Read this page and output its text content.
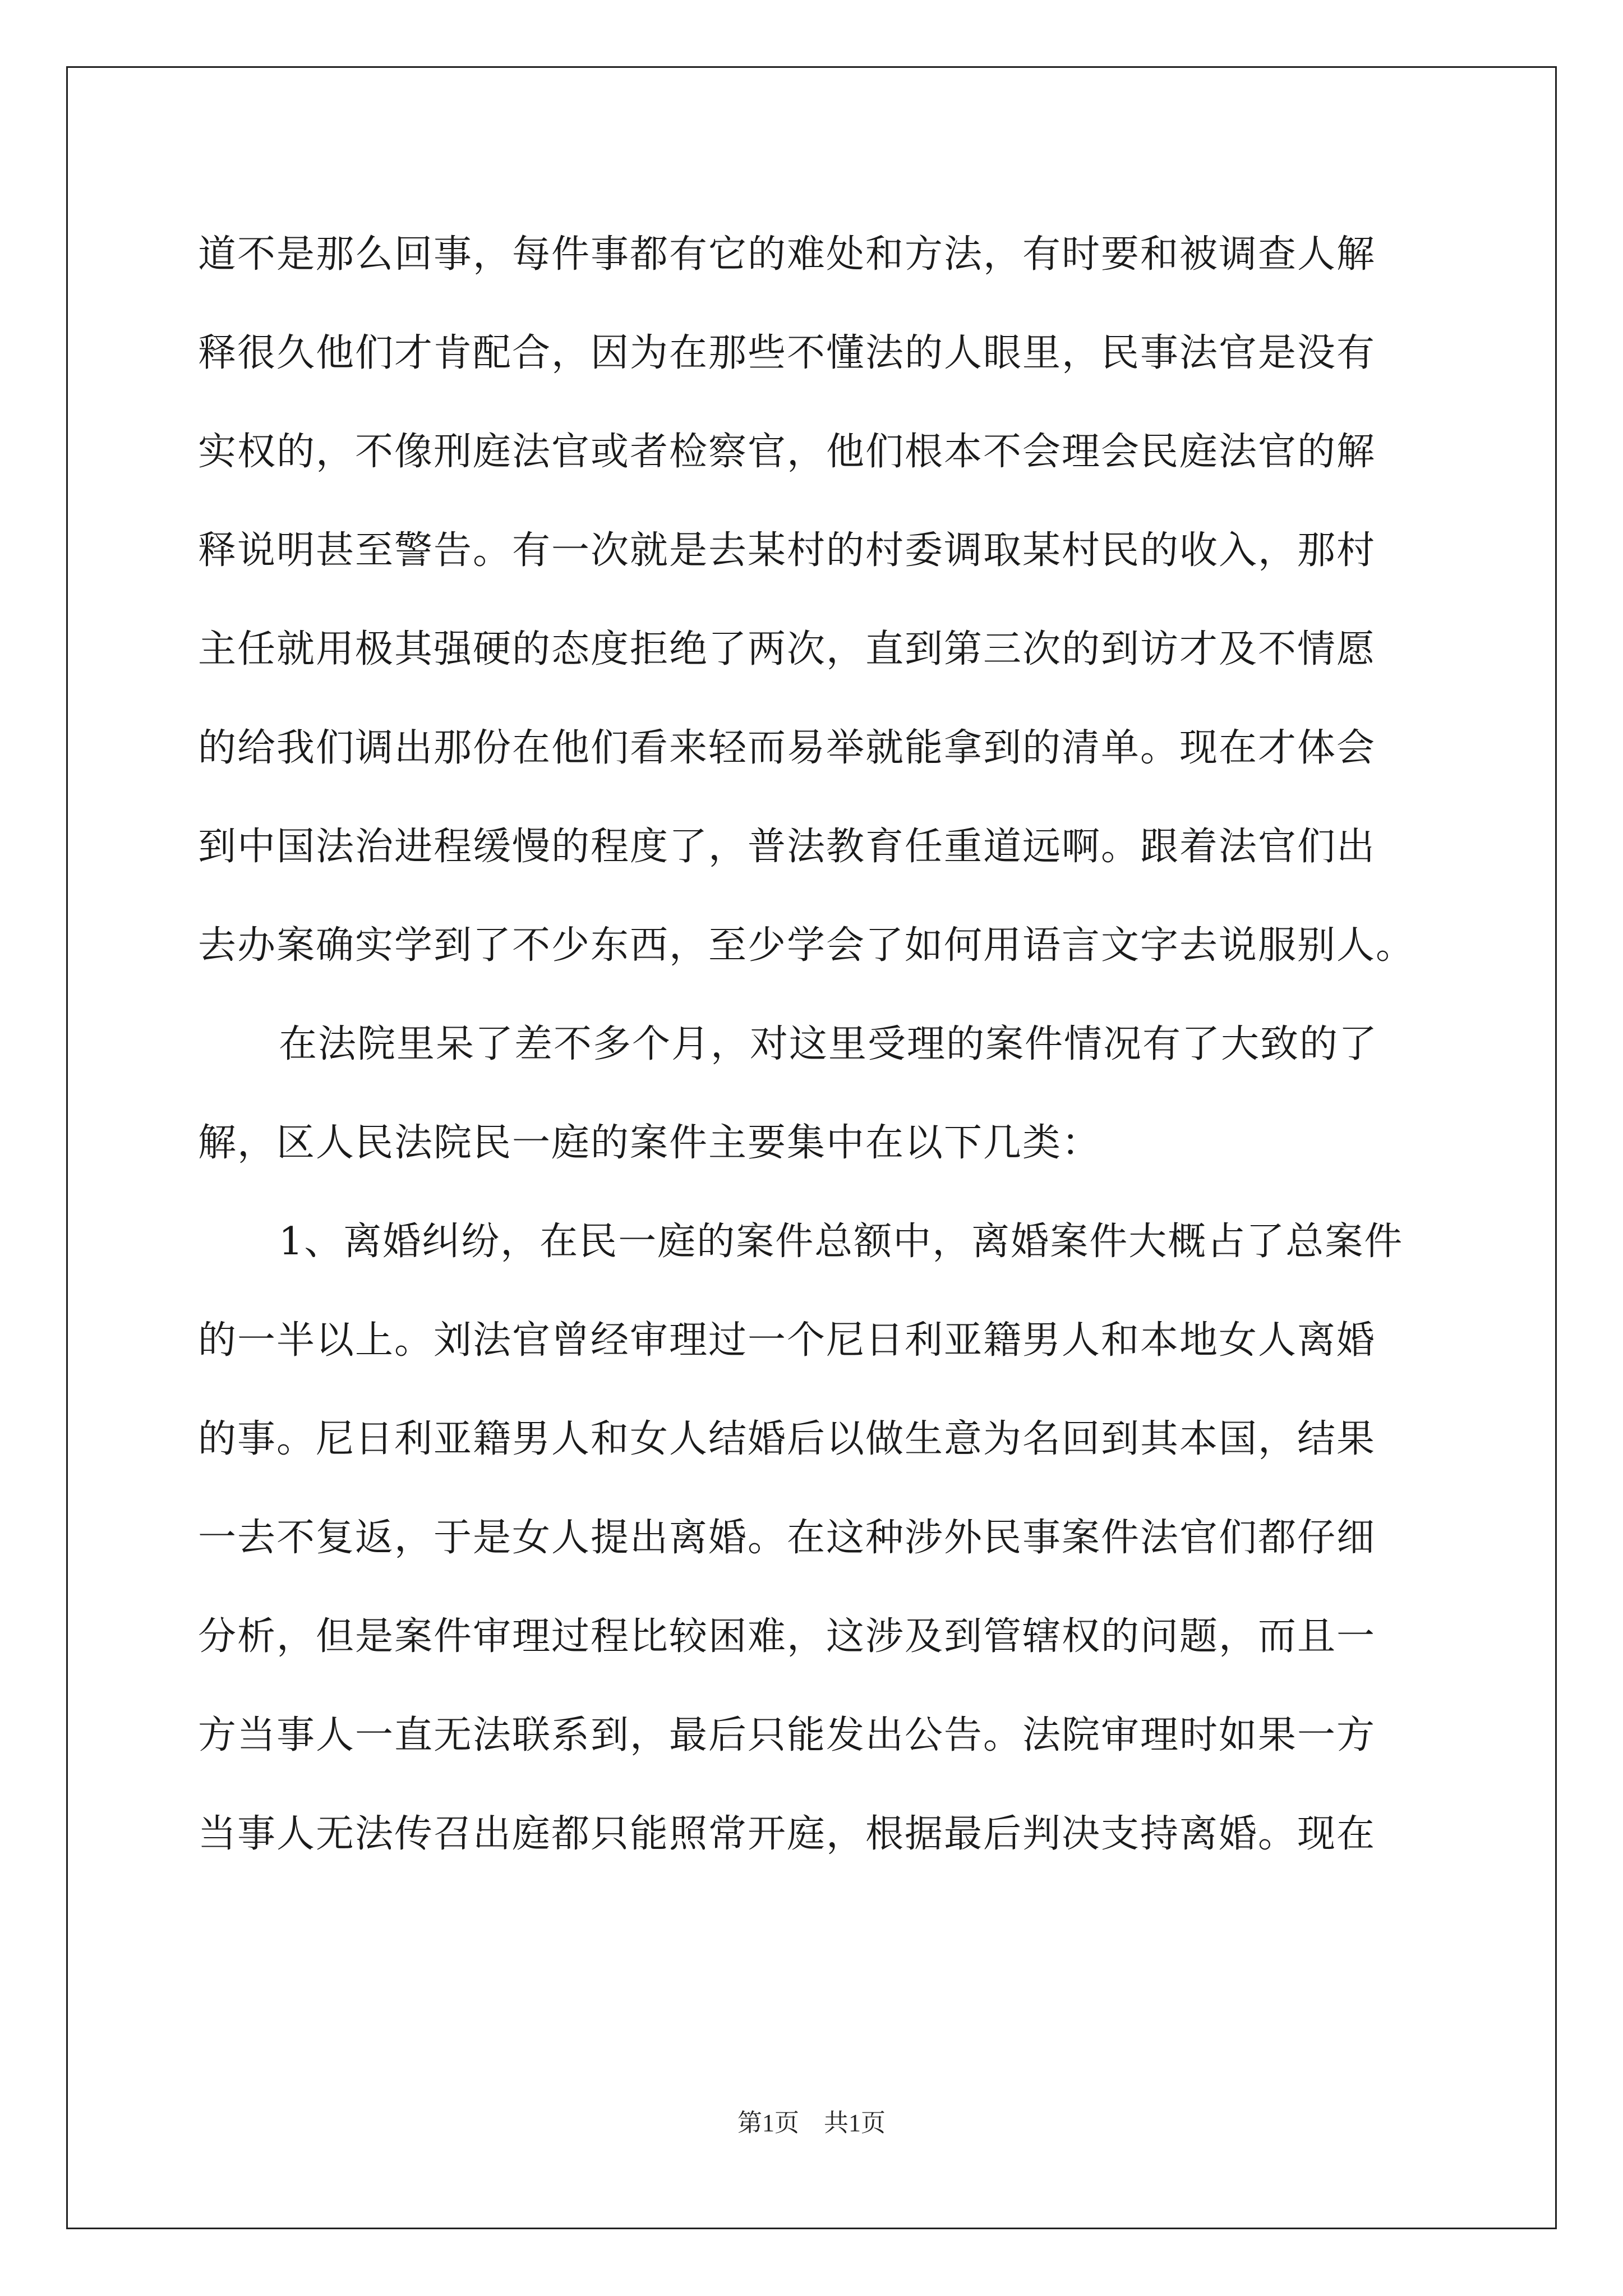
道不是那么回事，每件事都有它的难处和方法，有时要和被调查人解
释很久他们才肯配合，因为在那些不懂法的人眼里，民事法官是没有
实权的，不像刑庭法官或者检察官，他们根本不会理会民庭法官的解
释说明甚至警告。有一次就是去某村的村委调取某村民的收入，那村
主任就用极其强硬的态度拒绝了两次，直到第三次的到访才及不情愿
的给我们调出那份在他们看来轻而易举就能拿到的清单。现在才体会
到中国法治进程缓慢的程度了，普法教育任重道远啊。跟着法官们出
去办案确实学到了不少东西，至少学会了如何用语言文字去说服别人。
在法院里呆了差不多个月，对这里受理的案件情况有了大致的了
解，区人民法院民一庭的案件主要集中在以下几类：
1、离婚纠纷，在民一庭的案件总额中，离婚案件大概占了总案件
的一半以上。刘法官曾经审理过一个尼日利亚籍男人和本地女人离婚
的事。尼日利亚籍男人和女人结婚后以做生意为名回到其本国，结果
一去不复返，于是女人提出离婚。在这种涉外民事案件法官们都仔细
分析，但是案件审理过程比较困难，这涉及到管辖权的问题，而且一
方当事人一直无法联系到，最后只能发出公告。法院审理时如果一方
当事人无法传召出庭都只能照常开庭，根据最后判决支持离婚。现在
第1页　共1页
